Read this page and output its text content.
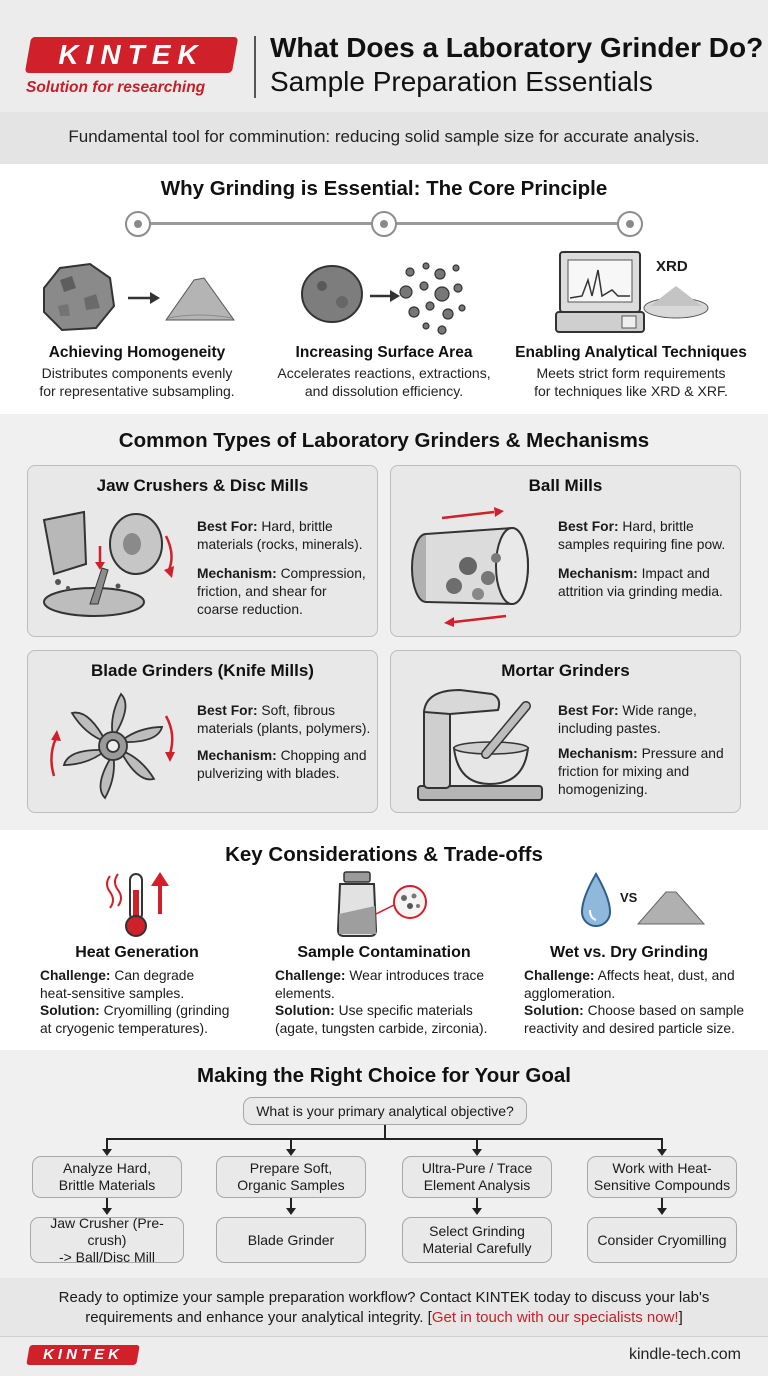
KINTEK
Solution for researching
What Does a Laboratory Grinder Do?
Sample Preparation Essentials
Fundamental tool for comminution: reducing solid sample size for accurate analysis.
Why Grinding is Essential: The Core Principle
XRD
Achieving Homogeneity
Distributes components evenly
for representative subsampling.
Increasing Surface Area
Accelerates reactions, extractions,
and dissolution efficiency.
Enabling Analytical Techniques
Meets strict form requirements
for techniques like XRD & XRF.
Common Types of Laboratory Grinders & Mechanisms
Jaw Crushers & Disc Mills
Best For: Hard, brittle
materials (rocks, minerals).
Mechanism: Compression,
friction, and shear for
coarse reduction.
Ball Mills
Best For: Hard, brittle
samples requiring fine pow.
Mechanism: Impact and
attrition via grinding media.
Blade Grinders (Knife Mills)
Best For: Soft, fibrous
materials (plants, polymers).
Mechanism: Chopping and
pulverizing with blades.
Mortar Grinders
Best For: Wide range,
including pastes.
Mechanism: Pressure and
friction for mixing and
homogenizing.
Key Considerations & Trade-offs
VS
Heat Generation
Challenge: Can degrade
heat-sensitive samples.
Solution: Cryomilling (grinding
at cryogenic temperatures).
Sample Contamination
Challenge: Wear introduces trace
elements.
Solution: Use specific materials
(agate, tungsten carbide, zirconia).
Wet vs. Dry Grinding
Challenge: Affects heat, dust, and
agglomeration.
Solution: Choose based on sample
reactivity and desired particle size.
Making the Right Choice for Your Goal
What is your primary analytical objective?
Analyze Hard,
Brittle Materials
Prepare Soft,
Organic Samples
Ultra-Pure / Trace
Element Analysis
Work with Heat-
Sensitive Compounds
Jaw Crusher (Pre-crush)
-> Ball/Disc Mill
Blade Grinder
Select Grinding
Material Carefully
Consider Cryomilling
Ready to optimize your sample preparation workflow? Contact KINTEK today to discuss your lab's
requirements and enhance your analytical integrity. [Get in touch with our specialists now!]
KINTEK	kindle-tech.com
